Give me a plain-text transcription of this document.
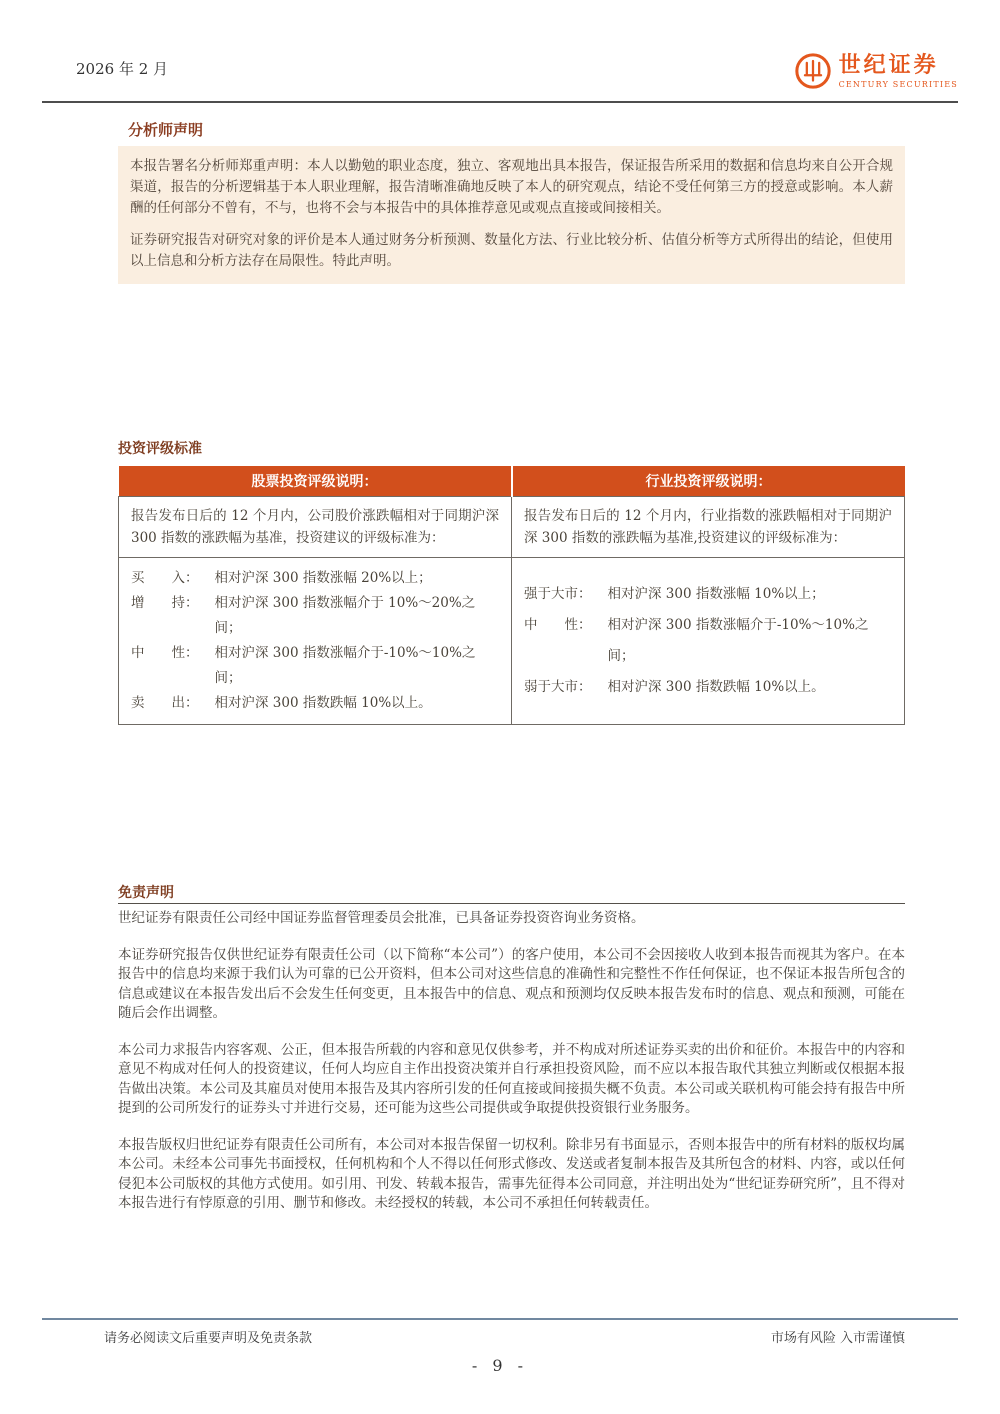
2026 年 2 月	世纪证券
CENTURY SECURITIES
分析师声明

本报告署名分析师郑重声明：本人以勤勉的职业态度，独立、客观地出具本报告，保证报告所采用的数据和信息均来自公开合规渠道，报告的分析逻辑基于本人职业理解，报告清晰准确地反映了本人的研究观点，结论不受任何第三方的授意或影响。本人薪酬的任何部分不曾有，不与，也将不会与本报告中的具体推荐意见或观点直接或间接相关。

证券研究报告对研究对象的评价是本人通过财务分析预测、数量化方法、行业比较分析、估值分析等方式所得出的结论，但使用以上信息和分析方法存在局限性。特此声明。

投资评级标准
股票投资评级说明：	行业投资评级说明：
报告发布日后的 12 个月内，公司股价涨跌幅相对于同期沪深 300 指数的涨跌幅为基准，投资建议的评级标准为：	报告发布日后的 12 个月内，行业指数的涨跌幅相对于同期沪深 300 指数的涨跌幅为基准,投资建议的评级标准为：

买　　入： 相对沪深 300 指数涨幅 20%以上；
增　　持： 相对沪深 300 指数涨幅介于 10%～20%之间；
中　　性： 相对沪深 300 指数涨幅介于-10%～10%之间；
卖　　出： 相对沪深 300 指数跌幅 10%以上。

强于大市： 相对沪深 300 指数涨幅 10%以上；
中　　性： 相对沪深 300 指数涨幅介于-10%～10%之间；
弱于大市： 相对沪深 300 指数跌幅 10%以上。
免责声明

世纪证券有限责任公司经中国证券监督管理委员会批准，已具备证券投资咨询业务资格。

本证券研究报告仅供世纪证券有限责任公司（以下简称“本公司”）的客户使用，本公司不会因接收人收到本报告而视其为客户。在本报告中的信息均来源于我们认为可靠的已公开资料，但本公司对这些信息的准确性和完整性不作任何保证，也不保证本报告所包含的信息或建议在本报告发出后不会发生任何变更，且本报告中的信息、观点和预测均仅反映本报告发布时的信息、观点和预测，可能在随后会作出调整。

本公司力求报告内容客观、公正，但本报告所载的内容和意见仅供参考，并不构成对所述证券买卖的出价和征价。本报告中的内容和意见不构成对任何人的投资建议，任何人均应自主作出投资决策并自行承担投资风险，而不应以本报告取代其独立判断或仅根据本报告做出决策。本公司及其雇员对使用本报告及其内容所引发的任何直接或间接损失概不负责。本公司或关联机构可能会持有报告中所提到的公司所发行的证券头寸并进行交易，还可能为这些公司提供或争取提供投资银行业务服务。

本报告版权归世纪证券有限责任公司所有，本公司对本报告保留一切权利。除非另有书面显示，否则本报告中的所有材料的版权均属本公司。未经本公司事先书面授权，任何机构和个人不得以任何形式修改、发送或者复制本报告及其所包含的材料、内容，或以任何侵犯本公司版权的其他方式使用。如引用、刊发、转载本报告，需事先征得本公司同意，并注明出处为“世纪证券研究所”，且不得对本报告进行有悖原意的引用、删节和修改。未经授权的转载，本公司不承担任何转载责任。

请务必阅读文后重要声明及免责条款	市场有风险 入市需谨慎
- 9 -
